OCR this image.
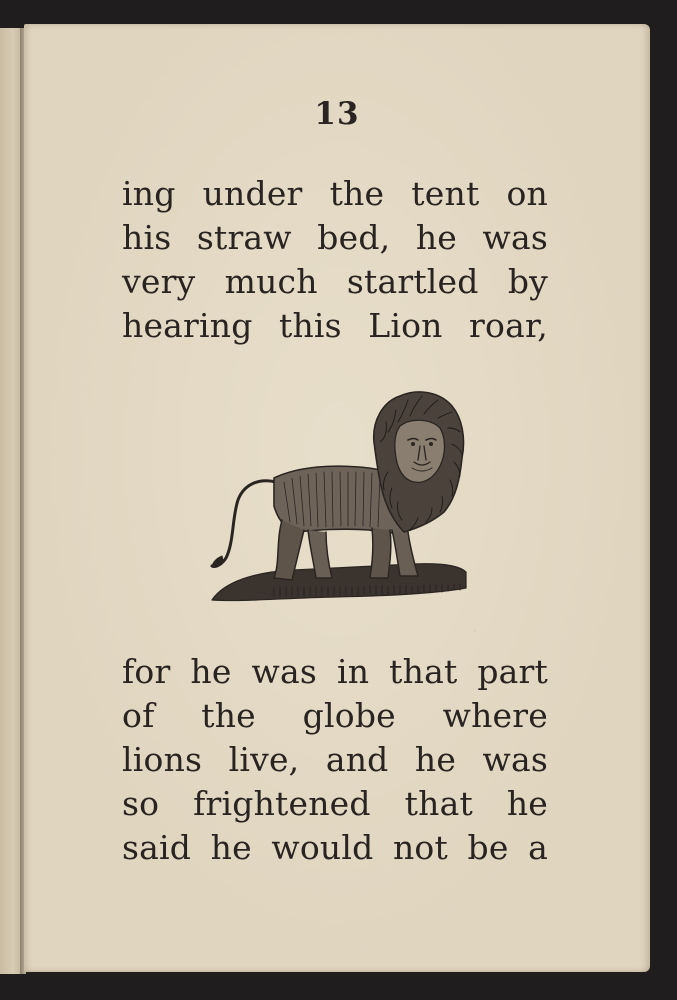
13
ing under the tent on
his straw bed, he was
very much startled by
hearing this Lion roar,
for he was in that part
of the globe where
lions live, and he was
so frightened that he
said he would not be a
